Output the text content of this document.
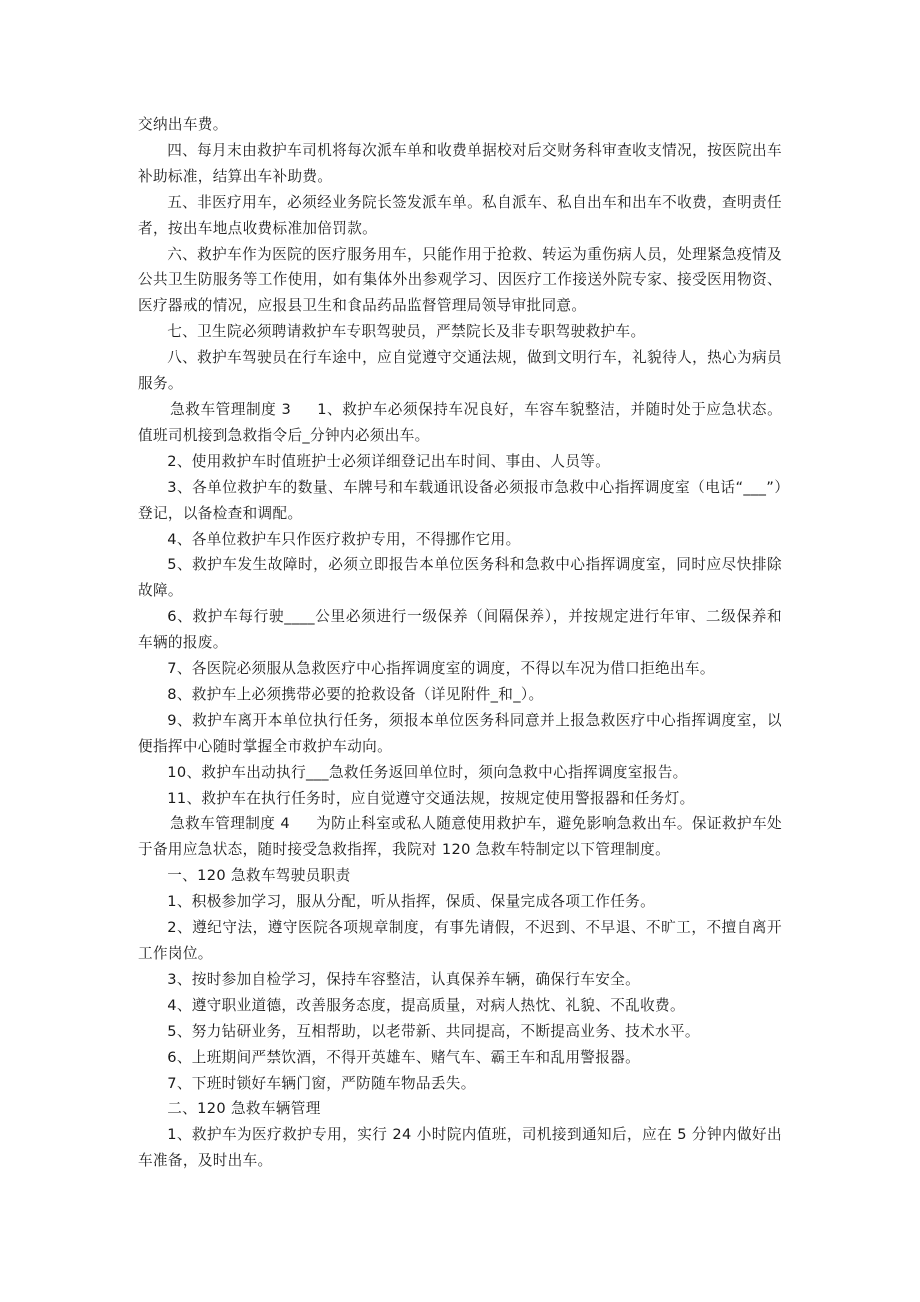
交纳出车费。

四、每月末由救护车司机将每次派车单和收费单据校对后交财务科审查收支情况，按医院出车补助标准，结算出车补助费。

五、非医疗用车，必须经业务院长签发派车单。私自派车、私自出车和出车不收费，查明责任者，按出车地点收费标准加倍罚款。

六、救护车作为医院的医疗服务用车，只能作用于抢救、转运为重伤病人员，处理紧急疫情及公共卫生防服务等工作使用，如有集体外出参观学习、因医疗工作接送外院专家、接受医用物资、医疗器戒的情况，应报县卫生和食品药品监督管理局领导审批同意。

七、卫生院必须聘请救护车专职驾驶员，严禁院长及非专职驾驶救护车。

八、救护车驾驶员在行车途中，应自觉遵守交通法规，做到文明行车，礼貌待人，热心为病员服务。

急救车管理制度 3 1、救护车必须保持车况良好，车容车貌整洁，并随时处于应急状态。值班司机接到急救指令后_分钟内必须出车。

2、使用救护车时值班护士必须详细登记出车时间、事由、人员等。

3、各单位救护车的数量、车牌号和车载通讯设备必须报市急救中心指挥调度室（电话“___”）登记，以备检查和调配。

4、各单位救护车只作医疗救护专用，不得挪作它用。

5、救护车发生故障时，必须立即报告本单位医务科和急救中心指挥调度室，同时应尽快排除故障。

6、救护车每行驶____公里必须进行一级保养（间隔保养），并按规定进行年审、二级保养和车辆的报废。

7、各医院必须服从急救医疗中心指挥调度室的调度，不得以车况为借口拒绝出车。

8、救护车上必须携带必要的抢救设备（详见附件_和_）。

9、救护车离开本单位执行任务，须报本单位医务科同意并上报急救医疗中心指挥调度室，以便指挥中心随时掌握全市救护车动向。

10、救护车出动执行___急救任务返回单位时，须向急救中心指挥调度室报告。

11、救护车在执行任务时，应自觉遵守交通法规，按规定使用警报器和任务灯。

急救车管理制度 4 为防止科室或私人随意使用救护车，避免影响急救出车。保证救护车处于备用应急状态，随时接受急救指挥，我院对 120 急救车特制定以下管理制度。

一、120 急救车驾驶员职责

1、积极参加学习，服从分配，听从指挥，保质、保量完成各项工作任务。

2、遵纪守法，遵守医院各项规章制度，有事先请假，不迟到、不早退、不旷工，不擅自离开工作岗位。

3、按时参加自检学习，保持车容整洁，认真保养车辆，确保行车安全。

4、遵守职业道德，改善服务态度，提高质量，对病人热忱、礼貌、不乱收费。

5、努力钻研业务，互相帮助，以老带新、共同提高，不断提高业务、技术水平。

6、上班期间严禁饮酒，不得开英雄车、赌气车、霸王车和乱用警报器。

7、下班时锁好车辆门窗，严防随车物品丢失。

二、120 急救车辆管理

1、救护车为医疗救护专用，实行 24 小时院内值班，司机接到通知后，应在 5 分钟内做好出车准备，及时出车。
